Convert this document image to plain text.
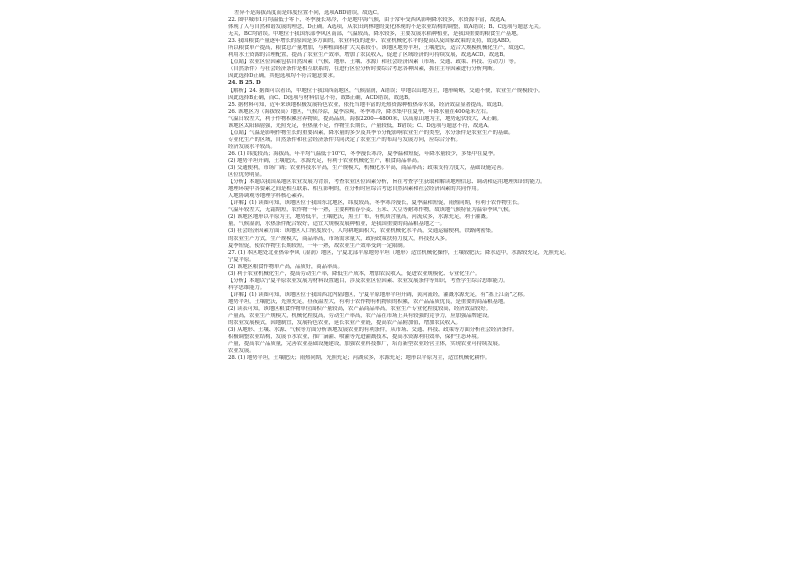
差异不是海拔高度而是纬度位置不同，选项ABD错误，故选C。
22. 图中城市1月均温低于零下，冬季漫长寒冷，不是地中海气候，由于常年受西风影响降水较多，水资源丰富，故选A。
体现了人与自然和谐发展的理念，D正确。A选项，从农田到林地的变化体现的不是农业结构的调整，故A错误；B、C选项与题意无关。
无关，BC均错误。甲地位于我国东部季风区南部，气温较高，降水较多，主要发展水稻种植业，是我国重要的粮食生产基地。
23. 我国粮食产量逐年增长的原因是多方面的，农业科技的进步、农业机械化水平的提高以及国家政策的支持，故选ABD。
所以粮食单产提高，粮食总产量增加，与种植面积扩大关系较小。该地区地势平坦，土壤肥沃，适合大规模机械化生产，故选C。
利用水土资源的合理配置，提高了农业生产效率，增加了农民收入，促进了区域经济的可持续发展，故选ACD，故选B。
【点睛】农业区位因素包括自然因素（气候、地形、土壤、水源）和社会经济因素（市场、交通、政策、科技、劳动力）等。
（自然条件）与社会经济条件是相互联系的，在进行区位分析时要综合考虑各种因素，抓住主导因素进行分析判断。
因此选择D正确，其他选项均不符合题意要求。
24. B 25. D
【解析】24. 据图可以看出，甲地位于我国西南地区，气候湿润，A错误；甲地以山地为主，地形崎岖，交通不便，农业生产规模较小。
因此选择B正确，而C、D选项与材料信息不符，故B正确，ACD错误，故选B。
25. 据材料可知，近年来该地积极发展特色农业，依托当地丰富的光热资源种植热带水果，经济效益显著提高，故选D。
26. 该地区为（海拔较高）地区，气候冷凉，夏季凉爽，冬季寒冷，降水集中在夏季，年降水量在400毫米左右。
气温日较差大，利于作物积累营养物质，提高品质。海拔2200—4800米，以高原山地为主，地势起伏较大，A正确。
该地区太阳辐射强，光照充足，但热量不足，作物生长期长，产量较低，B错误；C、D选项与题意不符，故选A。
【点睛】气温是影响作物生长的重要因素，降水量的多少及其季节分配影响农业生产的类型，水分条件是农业生产的基础。
专业化生产的区域，自然条件和社会经济条件共同决定了农业生产的布局与发展方向，应综合分析。
经济发展水平较高。
26. (1) 纬度较高；海拔高，年平均气温低于10°C，冬季漫长寒冷，夏季温和短促，年降水量较少，多集中在夏季。
(2) 地势平坦开阔，土壤肥沃，水源充足，有利于农业机械化生产，粮食商品率高。
(3) 交通便利，市场广阔；农业科技水平高，生产规模大，机械化水平高，商品率高；政策支持力度大，基础设施完善。
区位优势明显。
【分析】本题以我国某地区农业发展为背景，考查农业区位因素分析，旨在考查学生获取和解读地理信息、调动和运用地理知识的能力。
地理环境中各要素之间是相互联系、相互影响的，在分析时应综合考虑自然因素和社会经济因素的共同作用。
人地协调观等地理学科核心素养。
【详解】(1) 读图可知，该地区位于我国东北地区，纬度较高，冬季寒冷漫长，夏季温和短促，雨热同期，有利于农作物生长。
气温年较差大，无霜期短，农作物一年一熟，主要种植春小麦、玉米、大豆等耐寒作物，故该地气候特征为温带季风气候。
(2) 该地区地形以平原为主，地势低平，土壤肥沃，黑土广布，有机质含量高，河流众多，水源充足，利于灌溉。
量，气候湿润，水热条件配合较好，适宜大规模发展种植业，是我国重要的商品粮基地之一。
(3) 社会经济因素方面：该地区人口密度较小，人均耕地面积大，农业机械化水平高，交通运输便利，铁路网密集。
的农业生产方式，生产规模大，商品率高，市场需求量大，政府政策扶持力度大，科技投入多。
夏季短促，使农作物生长期较短，一年一熟，故农业生产效率受到一定限制。
27. (1) 本区地处北亚热带季风（湿润）地区，宁夏北部平原地势平坦（地形）适宜机械化操作，土壤较肥沃；降水适中，水源较充足，光照充足。
宁夏平原。
(2) 该地区粮食作物单产高，品质好，商品率高。
(3) 利于农业机械化生产，提高劳动生产率，降低生产成本，增加农民收入，促进农业规模化、专业化生产。
【分析】本题以宁夏平原农业发展为材料设置题目，涉及农业区位因素、农业发展条件等知识，考查学生综合思维能力。
科学思维能力。
【详解】(1) 读图可知，该地区位于我国西北内陆地区，宁夏平原地形平坦开阔，黄河流经，灌溉水源充足，有“塞上江南”之称。
地势平坦，土壤肥沃，光照充足，昼夜温差大，有利于农作物有机物质的积累，农产品品质优良，是重要的商品粮基地。
(2) 读表可知，该地区粮食作物单位面积产量较高，农产品商品率高，农业生产专业化程度较高，经济效益较好。
产量高，农业生产规模大，机械化程度高，劳动生产率高，农产品在市场上具有较强的竞争力，应加强品牌建设。
的农业发展模式，因地制宜，发展特色农业，延长农业产业链，提高农产品附加值，增加农民收入。
(3) 从地形、土壤、水源、气候等方面分析该地发展农业的有利条件，从市场、交通、科技、政策等方面分析社会经济条件。
积极调整农业结构，发展节水农业，推广滴灌、喷灌等先进灌溉技术，提高水资源利用效率，保护生态环境。
产量，提高农产品质量，完善农业基础设施建设，加强农业科技推广，培育新型农业经营主体，实现农业可持续发展。
农业发展。
28. (1) 地势平坦，土壤肥沃；雨热同期，光照充足；河湖众多，水源充足；地形以平原为主，适宜机械化耕作。
